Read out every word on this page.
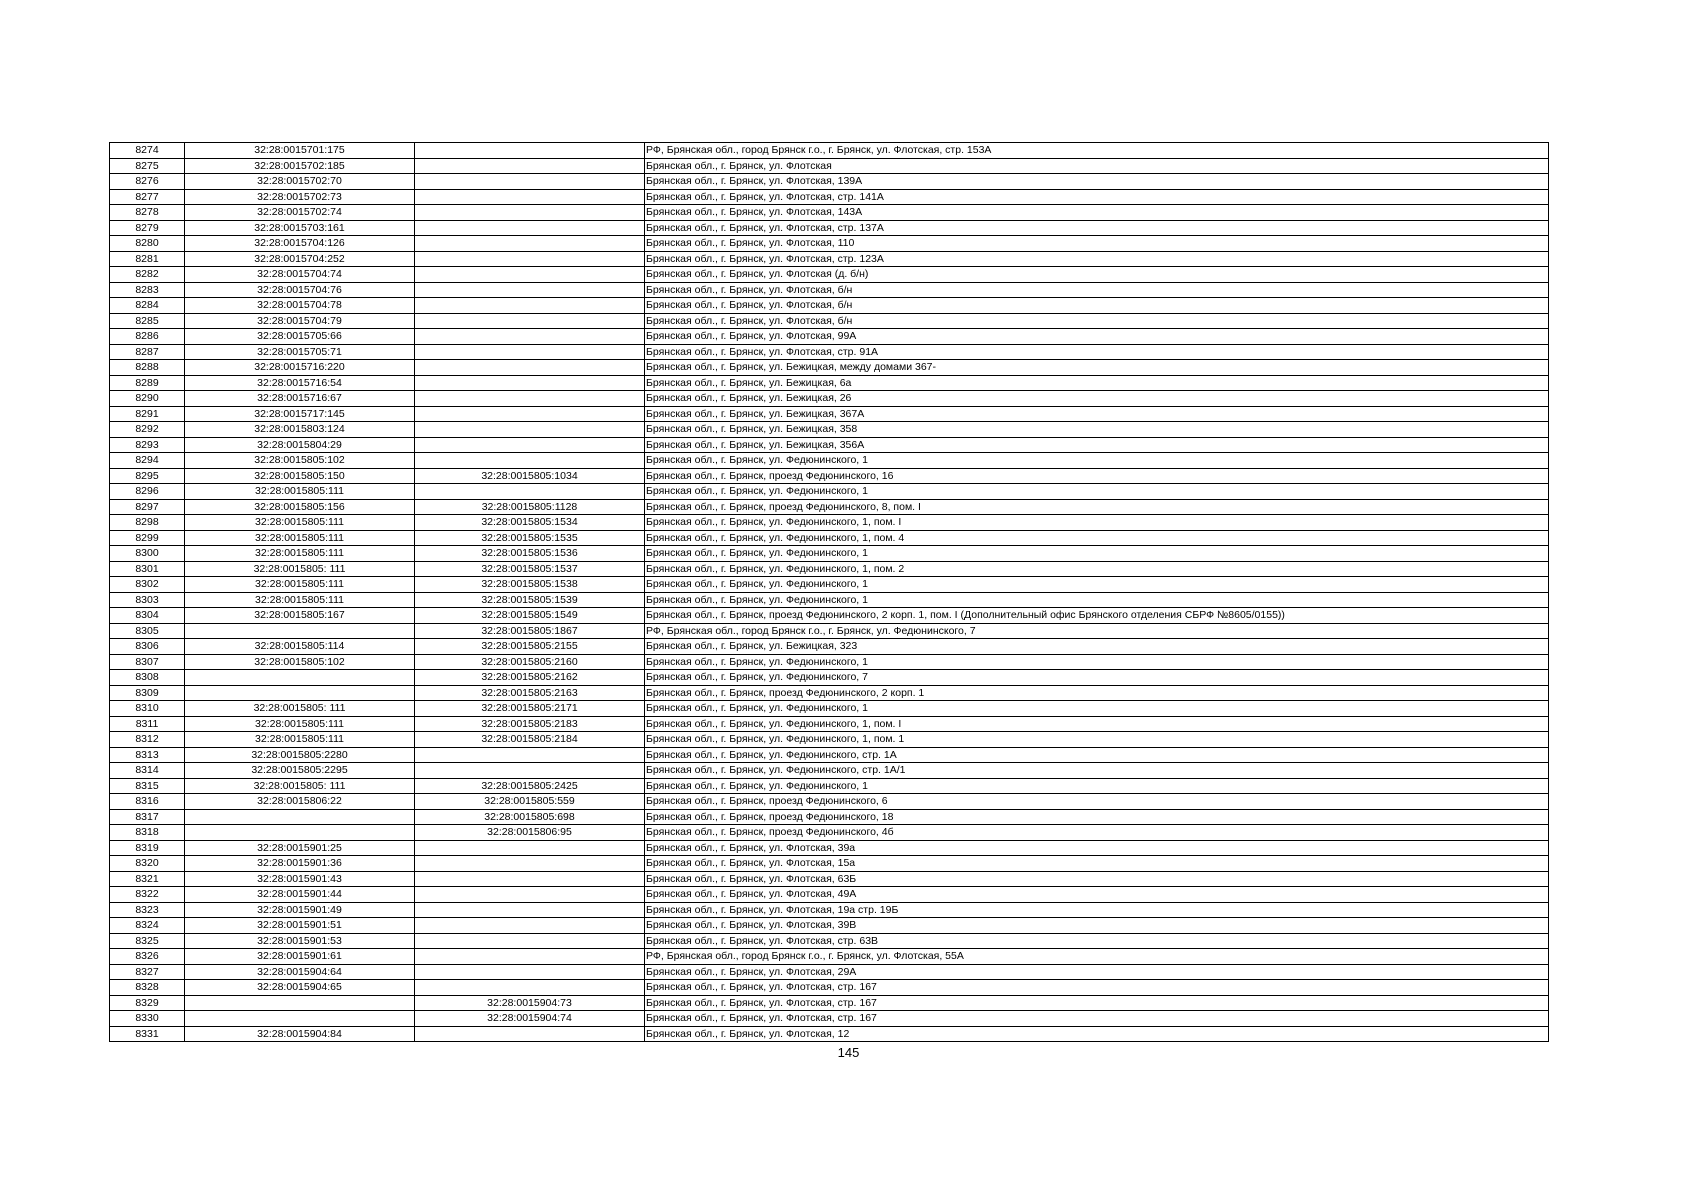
8274	32:28:0015701:175		РФ, Брянская обл., город Брянск г.о., г. Брянск, ул. Флотская, стр. 153А
8275	32:28:0015702:185		Брянская обл., г. Брянск, ул. Флотская
8276	32:28:0015702:70		Брянская обл., г. Брянск, ул. Флотская, 139А
8277	32:28:0015702:73		Брянская обл., г. Брянск, ул. Флотская, стр. 141А
8278	32:28:0015702:74		Брянская обл., г. Брянск, ул. Флотская, 143А
8279	32:28:0015703:161		Брянская обл., г. Брянск, ул. Флотская, стр. 137А
8280	32:28:0015704:126		Брянская обл., г. Брянск, ул. Флотская, 110
8281	32:28:0015704:252		Брянская обл., г. Брянск, ул. Флотская, стр. 123А
8282	32:28:0015704:74		Брянская обл., г. Брянск, ул. Флотская (д. б/н)
8283	32:28:0015704:76		Брянская обл., г. Брянск, ул. Флотская, б/н
8284	32:28:0015704:78		Брянская обл., г. Брянск, ул. Флотская, б/н
8285	32:28:0015704:79		Брянская обл., г. Брянск, ул. Флотская, б/н
8286	32:28:0015705:66		Брянская обл., г. Брянск, ул. Флотская, 99А
8287	32:28:0015705:71		Брянская обл., г. Брянск, ул. Флотская, стр. 91А
8288	32:28:0015716:220		Брянская обл., г. Брянск, ул. Бежицкая, между домами 367-
8289	32:28:0015716:54		Брянская обл., г. Брянск, ул. Бежицкая, 6а
8290	32:28:0015716:67		Брянская обл., г. Брянск, ул. Бежицкая, 26
8291	32:28:0015717:145		Брянская обл., г. Брянск, ул. Бежицкая, 367А
8292	32:28:0015803:124		Брянская обл., г. Брянск, ул. Бежицкая, 358
8293	32:28:0015804:29		Брянская обл., г. Брянск, ул. Бежицкая, 356А
8294	32:28:0015805:102		Брянская обл., г. Брянск, ул. Федюнинского, 1
8295	32:28:0015805:150	32:28:0015805:1034	Брянская обл., г. Брянск, проезд Федюнинского, 16
8296	32:28:0015805:111		Брянская обл., г. Брянск, ул. Федюнинского, 1
8297	32:28:0015805:156	32:28:0015805:1128	Брянская обл., г. Брянск, проезд Федюнинского, 8, пом. I
8298	32:28:0015805:111	32:28:0015805:1534	Брянская обл., г. Брянск, ул. Федюнинского, 1, пом. I
8299	32:28:0015805:111	32:28:0015805:1535	Брянская обл., г. Брянск, ул. Федюнинского, 1, пом. 4
8300	32:28:0015805:111	32:28:0015805:1536	Брянская обл., г. Брянск, ул. Федюнинского, 1
8301	32:28:0015805: 111	32:28:0015805:1537	Брянская обл., г. Брянск, ул. Федюнинского, 1, пом. 2
8302	32:28:0015805:111	32:28:0015805:1538	Брянская обл., г. Брянск, ул. Федюнинского, 1
8303	32:28:0015805:111	32:28:0015805:1539	Брянская обл., г. Брянск, ул. Федюнинского, 1
8304	32:28:0015805:167	32:28:0015805:1549	Брянская обл., г. Брянск, проезд Федюнинского, 2 корп. 1, пом. I (Дополнительный офис Брянского отделения СБРФ №8605/0155))
8305		32:28:0015805:1867	РФ, Брянская обл., город Брянск г.о., г. Брянск, ул. Федюнинского, 7
8306	32:28:0015805:114	32:28:0015805:2155	Брянская обл., г. Брянск, ул. Бежицкая, 323
8307	32:28:0015805:102	32:28:0015805:2160	Брянская обл., г. Брянск, ул. Федюнинского, 1
8308		32:28:0015805:2162	Брянская обл., г. Брянск, ул. Федюнинского, 7
8309		32:28:0015805:2163	Брянская обл., г. Брянск, проезд Федюнинского, 2 корп. 1
8310	32:28:0015805: 111	32:28:0015805:2171	Брянская обл., г. Брянск, ул. Федюнинского, 1
8311	32:28:0015805:111	32:28:0015805:2183	Брянская обл., г. Брянск, ул. Федюнинского, 1, пом. I
8312	32:28:0015805:111	32:28:0015805:2184	Брянская обл., г. Брянск, ул. Федюнинского, 1, пом. 1
8313	32:28:0015805:2280		Брянская обл., г. Брянск, ул. Федюнинского, стр. 1А
8314	32:28:0015805:2295		Брянская обл., г. Брянск, ул. Федюнинского, стр. 1А/1
8315	32:28:0015805: 111	32:28:0015805:2425	Брянская обл., г. Брянск, ул. Федюнинского, 1
8316	32:28:0015806:22	32:28:0015805:559	Брянская обл., г. Брянск, проезд Федюнинского, 6
8317		32:28:0015805:698	Брянская обл., г. Брянск, проезд Федюнинского, 18
8318		32:28:0015806:95	Брянская обл., г. Брянск, проезд Федюнинского, 4б
8319	32:28:0015901:25		Брянская обл., г. Брянск, ул. Флотская, 39а
8320	32:28:0015901:36		Брянская обл., г. Брянск, ул. Флотская, 15а
8321	32:28:0015901:43		Брянская обл., г. Брянск, ул. Флотская, 63Б
8322	32:28:0015901:44		Брянская обл., г. Брянск, ул. Флотская, 49А
8323	32:28:0015901:49		Брянская обл., г. Брянск, ул. Флотская, 19а стр. 19Б
8324	32:28:0015901:51		Брянская обл., г. Брянск, ул. Флотская, 39В
8325	32:28:0015901:53		Брянская обл., г. Брянск, ул. Флотская, стр. 63В
8326	32:28:0015901:61		РФ, Брянская обл., город Брянск г.о., г. Брянск, ул. Флотская, 55А
8327	32:28:0015904:64		Брянская обл., г. Брянск, ул. Флотская, 29А
8328	32:28:0015904:65		Брянская обл., г. Брянск, ул. Флотская, стр. 167
8329		32:28:0015904:73	Брянская обл., г. Брянск, ул. Флотская, стр. 167
8330		32:28:0015904:74	Брянская обл., г. Брянск, ул. Флотская, стр. 167
8331	32:28:0015904:84		Брянская обл., г. Брянск, ул. Флотская, 12
145
